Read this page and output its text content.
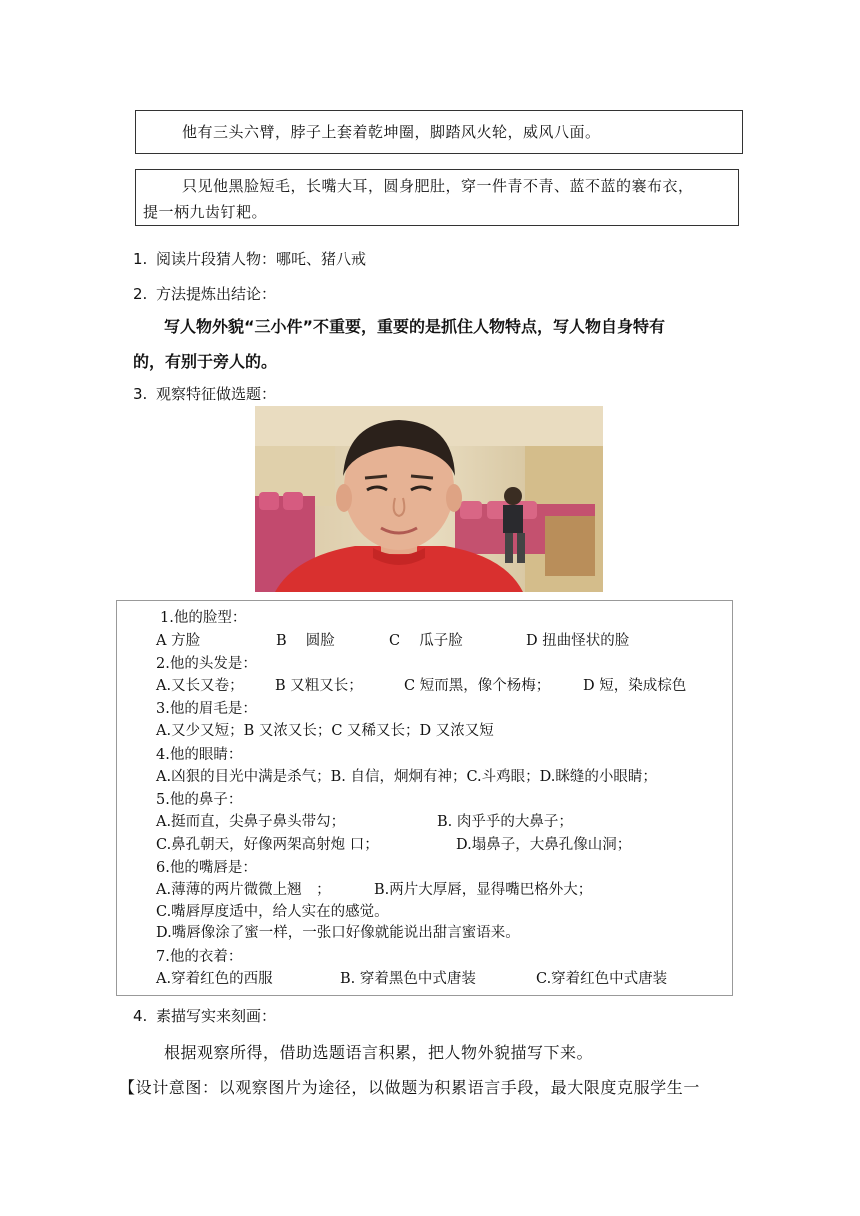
他有三头六臂，脖子上套着乾坤圈，脚踏风火轮，威风八面。
只见他黑脸短毛，长嘴大耳，圆身肥肚，穿一件青不青、蓝不蓝的褰布衣，
提一柄九齿钉耙。
1. 阅读片段猜人物：哪吒、猪八戒
2. 方法提炼出结论：
写人物外貌“三小件”不重要，重要的是抓住人物特点，写人物自身特有
的，有别于旁人的。
3. 观察特征做选题：
1.他的脸型：
A 方脸	B　 圆脸	C　 瓜子脸	D 扭曲怪状的脸
2.他的头发是：
A.又长又卷； B 又粗又长；	C 短而黑，像个杨梅； D 短，染成棕色
3.他的眉毛是：
A.又少又短；B 又浓又长；C 又稀又长；D 又浓又短
4.他的眼睛：
A.凶狠的目光中满是杀气；B. 自信，炯炯有神；C.斗鸡眼；D.眯缝的小眼睛；
5.他的鼻子：
A.挺而直，尖鼻子鼻头带勾；	B. 肉乎乎的大鼻子；
C.鼻孔朝天，好像两架高射炮 口；	D.塌鼻子，大鼻孔像山洞；
6.他的嘴唇是：
A.薄薄的两片微微上翘　；	B.两片大厚唇，显得嘴巴格外大；
C.嘴唇厚度适中，给人实在的感觉。
D.嘴唇像涂了蜜一样，一张口好像就能说出甜言蜜语来。
7.他的衣着：
A.穿着红色的西服	B. 穿着黑色中式唐装	C.穿着红色中式唐装
4. 素描写实来刻画：
根据观察所得，借助选题语言积累，把人物外貌描写下来。
【设计意图：以观察图片为途径，以做题为积累语言手段，最大限度克服学生一
